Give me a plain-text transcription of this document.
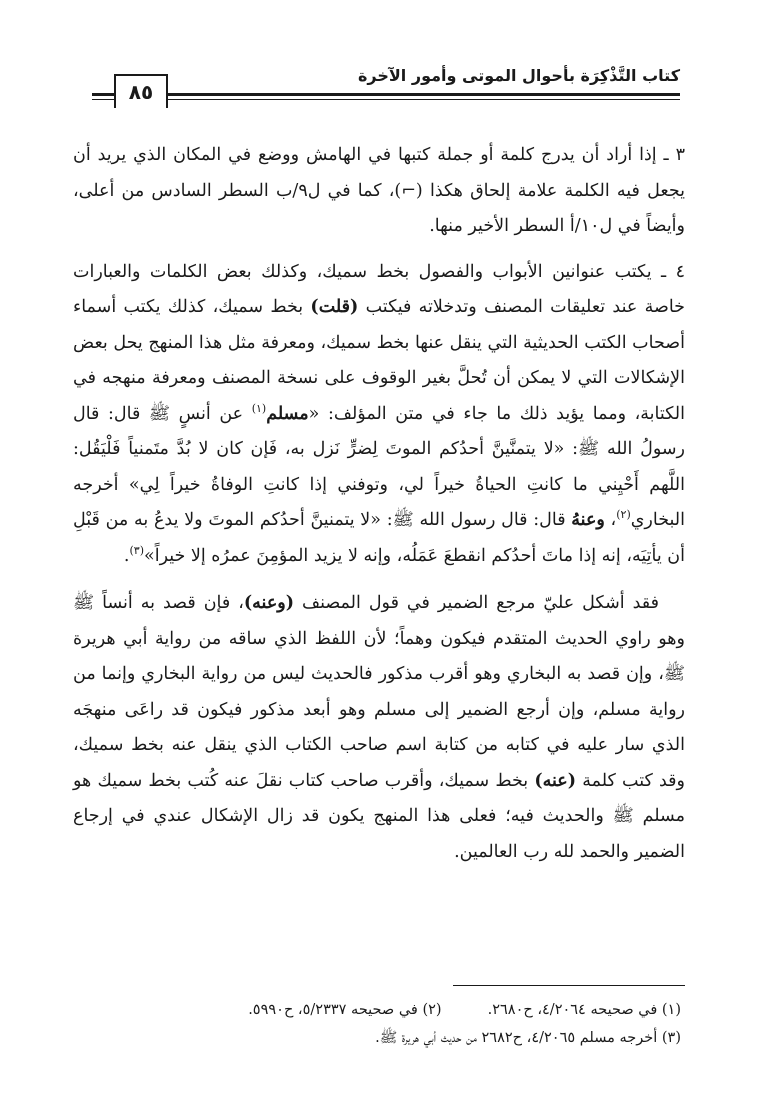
كتاب التَّذْكِرَة بأحوال الموتى وأمور الآخرة
٨٥

٣ ـ إذا أراد أن يدرج كلمة أو جملة كتبها في الهامش ووضع في المكان الذي يريد أن يجعل فيه الكلمة علامة إلحاق هكذا (⌐)، كما في ل٩/ب السطر السادس من أعلى، وأيضاً في ل١٠/أ السطر الأخير منها.

٤ ـ يكتب عنوانين الأبواب والفصول بخط سميك، وكذلك بعض الكلمات والعبارات خاصة عند تعليقات المصنف وتدخلاته فيكتب (قلت) بخط سميك، كذلك يكتب أسماء أصحاب الكتب الحديثية التي ينقل عنها بخط سميك، ومعرفة مثل هذا المنهج يحل بعض الإشكالات التي لا يمكن أن تُحلَّ بغير الوقوف على نسخة المصنف ومعرفة منهجه في الكتابة، ومما يؤيد ذلك ما جاء في متن المؤلف: «مسلم$^{(١)}$ عن أنسٍ ﷺ قال: قال رسولُ الله ﷺ: «لا يتمنَّينَّ أحدُكم الموتَ لِضرٍّ نَزل به، فَإن كان لا بُدَّ متَمنياً فَلْيَقُل: اللَّهم أَحْيِني ما كانتِ الحياةُ خيراً لي، وتوفني إذا كانتِ الوفاةُ خيراً لِي» أخرجه البخاري$^{(٢)}$، وعنهُ قال: قال رسول الله ﷺ: «لا يتمنينَّ أحدُكم الموتَ ولا يدعُ به من قَبْلِ أن يأتِيَه، إنه إذا ماتَ أحدُكم انقطعَ عَمَلُه، وإنه لا يزيد المؤمِنَ عمرُه إلا خيراً»$^{(٣)}$.

فقد أشكل عليّ مرجع الضمير في قول المصنف (وعنه)، فإن قصد به أنساً ﷺ وهو راوي الحديث المتقدم فيكون وهماً؛ لأن اللفظ الذي ساقه من رواية أبي هريرة ﷺ، وإن قصد به البخاري وهو أقرب مذكور فالحديث ليس من رواية البخاري وإنما من رواية مسلم، وإن أرجع الضمير إلى مسلم وهو أبعد مذكور فيكون قد راعَى منهجَه الذي سار عليه في كتابه من كتابة اسم صاحب الكتاب الذي ينقل عنه بخط سميك، وقد كتب كلمة (عنه) بخط سميك، وأقرب صاحب كتاب نقلَ عنه كُتب بخط سميك هو مسلم ﷺ والحديث فيه؛ فعلى هذا المنهج يكون قد زال الإشكال عندي في إرجاع الضمير والحمد لله رب العالمين.

(١) في صحيحه ٤/٢٠٦٤، ح٢٦٨٠.(٢) في صحيحه ٥/٢٣٣٧، ح٥٩٩٠.
(٣) أخرجه مسلم ٤/٢٠٦٥، ح٢٦٨٢ من حديث أبي هريرة ﷺ.
